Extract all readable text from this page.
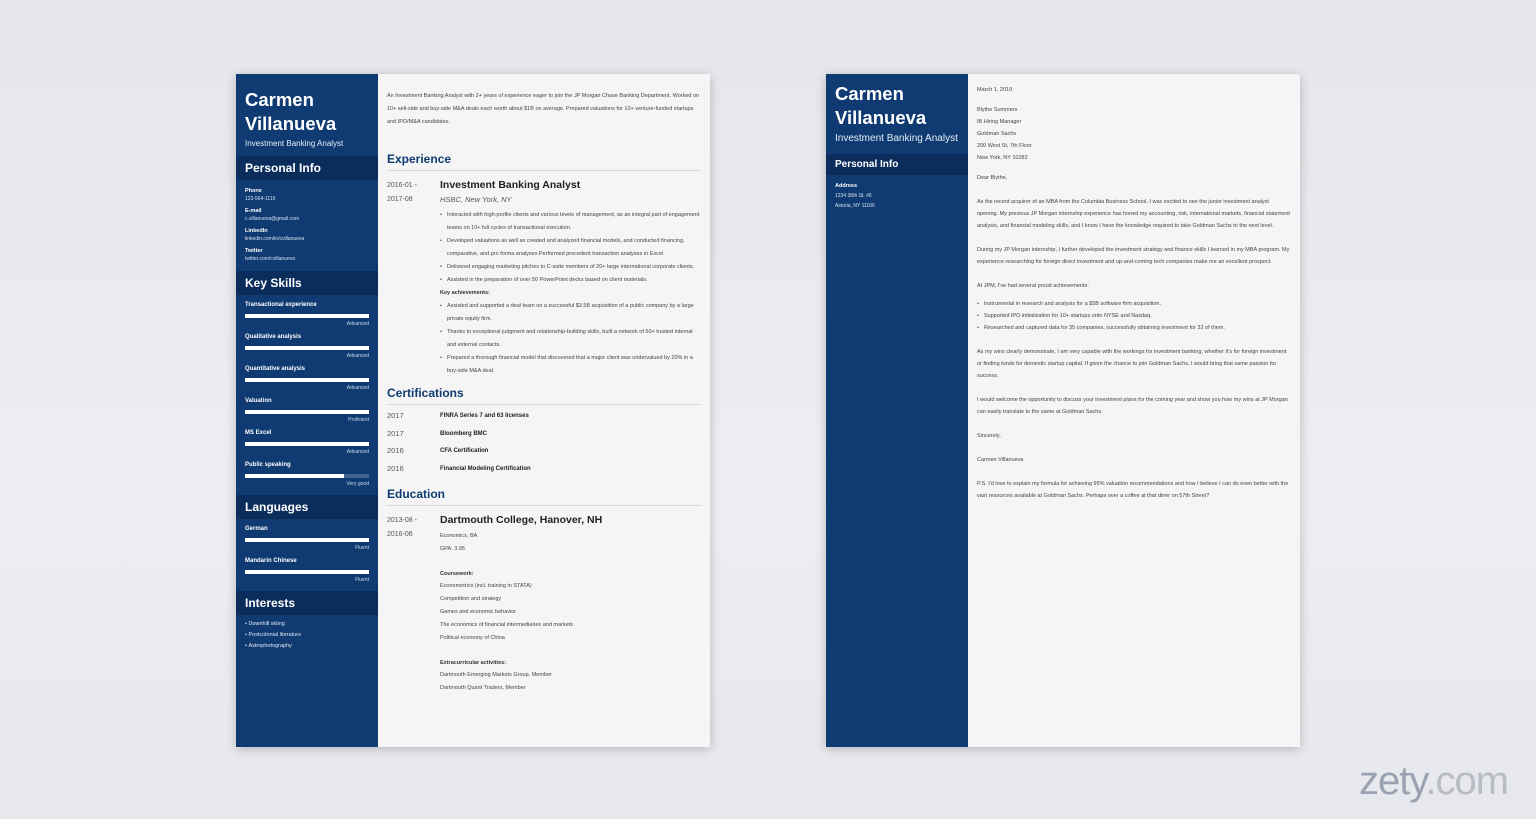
Carmen
Villanueva
Investment Banking Analyst
Personal Info
Phone
123-564-1119
E-mail
c.villanueva@gmail.com
LinkedIn
linkedin.com/in/cvillanueva
Twitter
twitter.com/cvillanueva
Key Skills
Transactional experience
Advanced
Qualitative analysis
Advanced
Quantitative analysis
Advanced
Valuation
Proficient
MS Excel
Advanced
Public speaking
Very good
Languages
German
Fluent
Mandarin Chinese
Fluent
Interests
• Downhill skiing
• Postcolonial literature
• Astrophotography
An Investment Banking Analyst with 2+ years of experience eager to join the JP Morgan Chase Banking Department. Worked on 10+ sell-side and buy-side M&A deals each worth about $1B on average. Prepared valuations for 10+ venture-funded startups and IPO/M&A candidates.
Experience
2016-01 -
2017-08
Investment Banking Analyst
HSBC, New York, NY
• Interacted with high-profile clients and various levels of management, as an integral part of engagement teams on 10+ full cycles of transactional execution.
• Developed valuations as well as created and analyzed financial models, and conducted financing, comparative, and pro forma analyses.Performed precedent transaction analyses in Excel.
• Delivered engaging marketing pitches to C-suite members of 20+ large international corporate clients.
• Assisted in the preparation of over 50 PowerPoint decks based on client materials.
Key achievements:
• Assisted and supported a deal team on a successful $3.5B acquisition of a public company by a large private equity firm.
• Thanks to exceptional judgment and relationship-building skills, built a network of 50+ trusted internal and external contacts.
• Prepared a thorough financial model that discovered that a major client was undervalued by 20% in a buy-side M&A deal.
Certifications
2017	FINRA Series 7 and 63 licenses
2017	Bloomberg BMC
2016	CFA Certification
2016	Financial Modeling Certification
Education
2013-08 -
2016-06
Dartmouth College, Hanover, NH
Economics, BA
GPA: 3.95
Coursework:
Econometrics (incl. training in STATA)
Competition and strategy
Games and economic behavior
The economics of financial intermediaries and markets
Political economy of China
Extracurricular activities:
Dartmouth Emerging Markets Group, Member
Dartmouth Quant Traders, Member
Carmen
Villanueva
Investment Banking Analyst
Personal Info
Address
1234 36th St. #6
Astoria, NY 11106
March 1, 2019
Blythe Summers
IB Hiring Manager
Goldman Sachs
200 West St, 7th Floor
New York, NY 10282

Dear Blythe,

As the recent acquirer of an MBA from the Columbia Business School, I was excited to see the junior investment analyst opening. My previous JP Morgan internship experience has honed my accounting, risk, international markets, financial statement analysis, and financial modeling skills, and I know I have the knowledge required to take Goldman Sachs to the next level.

During my JP Morgan internship, I further developed the investment strategy and finance skills I learned in my MBA program. My experience researching for foreign direct investment and up-and-coming tech companies make me an excellent prospect.

At JPM, I've had several proud achievements:

• Instrumental in research and analysis for a $5B software firm acquisition.
• Supported IPO initialization for 10+ startups onto NYSE and Nasdaq.
• Researched and captured data for 35 companies, successfully obtaining investment for 32 of them.

As my wins clearly demonstrate, I am very capable with the workings for investment banking, whether it's for foreign investment or finding funds for domestic startup capital. If given the chance to join Goldman Sachs, I would bring that same passion for success.

I would welcome the opportunity to discuss your investment plans for the coming year and show you how my wins at JP Morgan can easily translate to the same at Goldman Sachs.

Sincerely,

Carmen Villanueva

P.S. I'd love to explain my formula for achieving 95% valuation recommendations and how I believe I can do even better with the vast resources available at Goldman Sachs. Perhaps over a coffee at that diner on 57th Street?

zety.com
